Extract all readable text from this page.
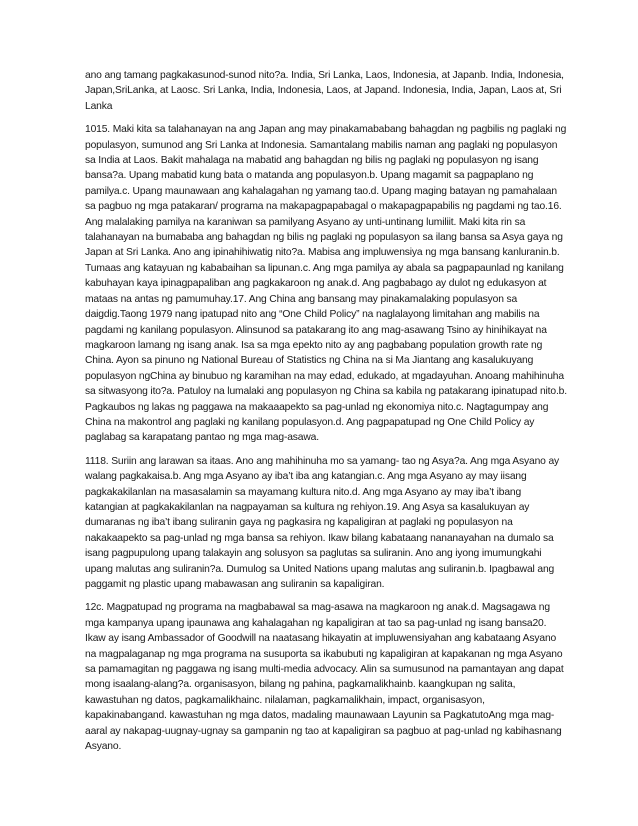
ano ang tamang pagkakasunod-sunod nito?a. India, Sri Lanka, Laos, Indonesia, at Japanb. India, Indonesia, Japan,SriLanka, at Laosc. Sri Lanka, India, Indonesia, Laos, at Japand. Indonesia, India, Japan, Laos at, Sri Lanka

1015. Maki kita sa talahanayan na ang Japan ang may pinakamababang bahagdan ng pagbilis ng paglaki ng populasyon, sumunod ang Sri Lanka at Indonesia. Samantalang mabilis naman ang paglaki ng populasyon sa India at Laos. Bakit mahalaga na mabatid ang bahagdan ng bilis ng paglaki ng populasyon ng isang bansa?a. Upang mabatid kung bata o matanda ang populasyon.b. Upang magamit sa pagpaplano ng pamilya.c. Upang maunawaan ang kahalagahan ng yamang tao.d. Upang maging batayan ng pamahalaan sa pagbuo ng mga patakaran/ programa na makapagpapabagal o makapagpapabilis ng pagdami ng tao.16. Ang malalaking pamilya na karaniwan sa pamilyang Asyano ay unti-untinang lumiliit. Maki kita rin sa talahanayan na bumababa ang bahagdan ng bilis ng paglaki ng populasyon sa ilang bansa sa Asya gaya ng Japan at Sri Lanka. Ano ang ipinahihiwatig nito?a. Mabisa ang impluwensiya ng mga bansang kanluranin.b. Tumaas ang katayuan ng kababaihan sa lipunan.c. Ang mga pamilya ay abala sa pagpapaunlad ng kanilang kabuhayan kaya ipinagpapaliban ang pagkakaroon ng anak.d. Ang pagbabago ay dulot ng edukasyon at mataas na antas ng pamumuhay.17. Ang China ang bansang may pinakamalaking populasyon sa daigdig.Taong 1979 nang ipatupad nito ang “One Child Policy” na naglalayong limitahan ang mabilis na pagdami ng kanilang populasyon. Alinsunod sa patakarang ito ang mag-asawang Tsino ay hinihikayat na magkaroon lamang ng isang anak. Isa sa mga epekto nito ay ang pagbabang population growth rate ng China. Ayon sa pinuno ng National Bureau of Statistics ng China na si Ma Jiantang ang kasalukuyang populasyon ngChina ay binubuo ng karamihan na may edad, edukado, at mgadayuhan. Anoang mahihinuha sa sitwasyong ito?a. Patuloy na lumalaki ang populasyon ng China sa kabila ng patakarang ipinatupad nito.b. Pagkaubos ng lakas ng paggawa na makaaapekto sa pag-unlad ng ekonomiya nito.c. Nagtagumpay ang China na makontrol ang paglaki ng kanilang populasyon.d. Ang pagpapatupad ng One Child Policy ay paglabag sa karapatang pantao ng mga mag-asawa.

1118. Suriin ang larawan sa itaas. Ano ang mahihinuha mo sa yamang- tao ng Asya?a. Ang mga Asyano ay walang pagkakaisa.b. Ang mga Asyano ay iba’t iba ang katangian.c. Ang mga Asyano ay may iisang pagkakakilanlan na masasalamin sa mayamang kultura nito.d. Ang mga Asyano ay may iba’t ibang katangian at pagkakakilanlan na nagpayaman sa kultura ng rehiyon.19. Ang Asya sa kasalukuyan ay dumaranas ng iba’t ibang suliranin gaya ng pagkasira ng kapaligiran at paglaki ng populasyon na nakakaapekto sa pag-unlad ng mga bansa sa rehiyon. Ikaw bilang kabataang nananayahan na dumalo sa isang pagpupulong upang talakayin ang solusyon sa paglutas sa suliranin. Ano ang iyong imumungkahi upang malutas ang suliranin?a. Dumulog sa United Nations upang malutas ang suliranin.b. Ipagbawal ang paggamit ng plastic upang mabawasan ang suliranin sa kapaligiran.

12c. Magpatupad ng programa na magbabawal sa mag-asawa na magkaroon ng anak.d. Magsagawa ng mga kampanya upang ipaunawa ang kahalagahan ng kapaligiran at tao sa pag-unlad ng isang bansa20. Ikaw ay isang Ambassador of Goodwill na naatasang hikayatin at impluwensiyahan ang kabataang Asyano na magpalaganap ng mga programa na susuporta sa ikabubuti ng kapaligiran at kapakanan ng mga Asyano sa pamamagitan ng paggawa ng isang multi-media advocacy. Alin sa sumusunod na pamantayan ang dapat mong isaalang-alang?a. organisasyon, bilang ng pahina, pagkamalikhainb. kaangkupan ng salita, kawastuhan ng datos, pagkamalikhainc. nilalaman, pagkamalikhain, impact, organisasyon, kapakinabangand. kawastuhan ng mga datos, madaling maunawaan Layunin sa PagkatutoAng mga mag-aaral ay nakapag-uugnay-ugnay sa gampanin ng tao at kapaligiran sa pagbuo at pag-unlad ng kabihasnang Asyano.
